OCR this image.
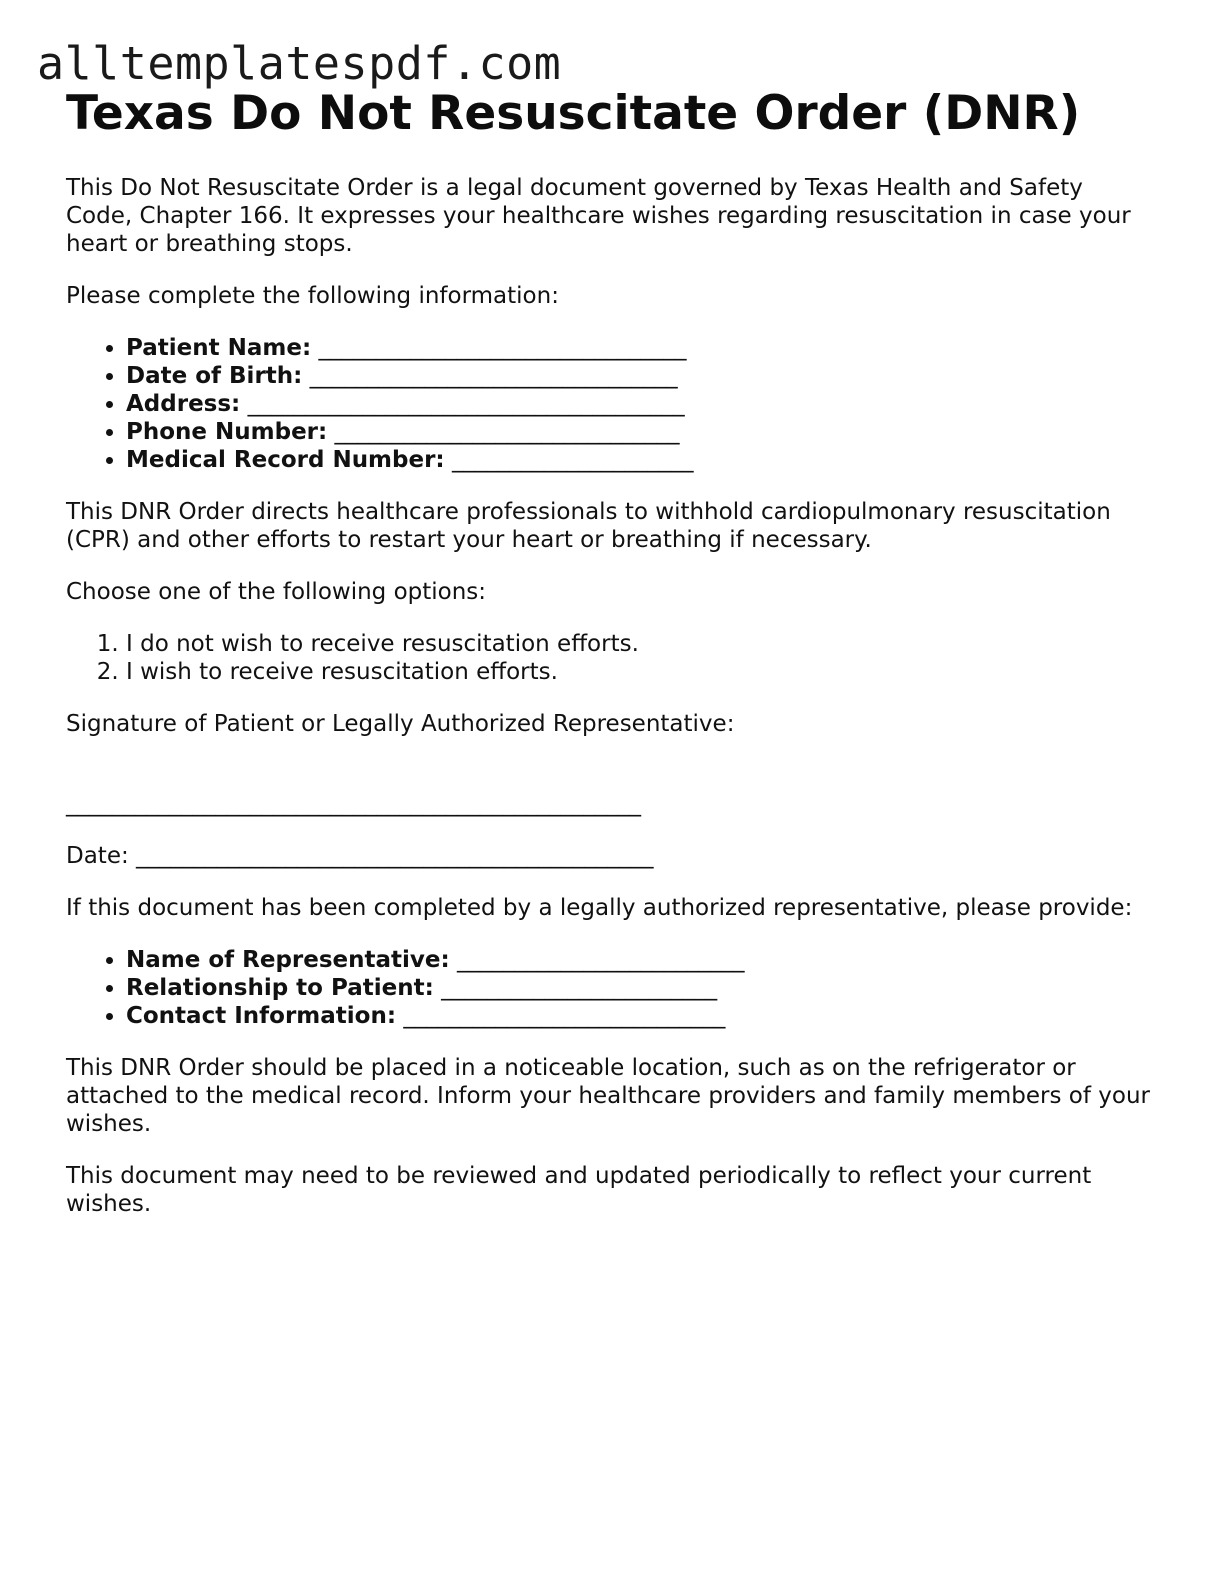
alltemplatespdf.com
Texas Do Not Resuscitate Order (DNR)

This Do Not Resuscitate Order is a legal document governed by Texas Health and Safety Code, Chapter 166. It expresses your healthcare wishes regarding resuscitation in case your heart or breathing stops.

Please complete the following information:

• Patient Name: ________________________________
• Date of Birth: ________________________________
• Address: ______________________________________
• Phone Number: ______________________________
• Medical Record Number: _____________________

This DNR Order directs healthcare professionals to withhold cardiopulmonary resuscitation (CPR) and other efforts to restart your heart or breathing if necessary.

Choose one of the following options:

1. I do not wish to receive resuscitation efforts.
2. I wish to receive resuscitation efforts.

Signature of Patient or Legally Authorized Representative:

__________________________________________________

Date: _____________________________________________

If this document has been completed by a legally authorized representative, please provide:

• Name of Representative: _________________________
• Relationship to Patient: ________________________
• Contact Information: ____________________________

This DNR Order should be placed in a noticeable location, such as on the refrigerator or attached to the medical record. Inform your healthcare providers and family members of your wishes.

This document may need to be reviewed and updated periodically to reflect your current wishes.
